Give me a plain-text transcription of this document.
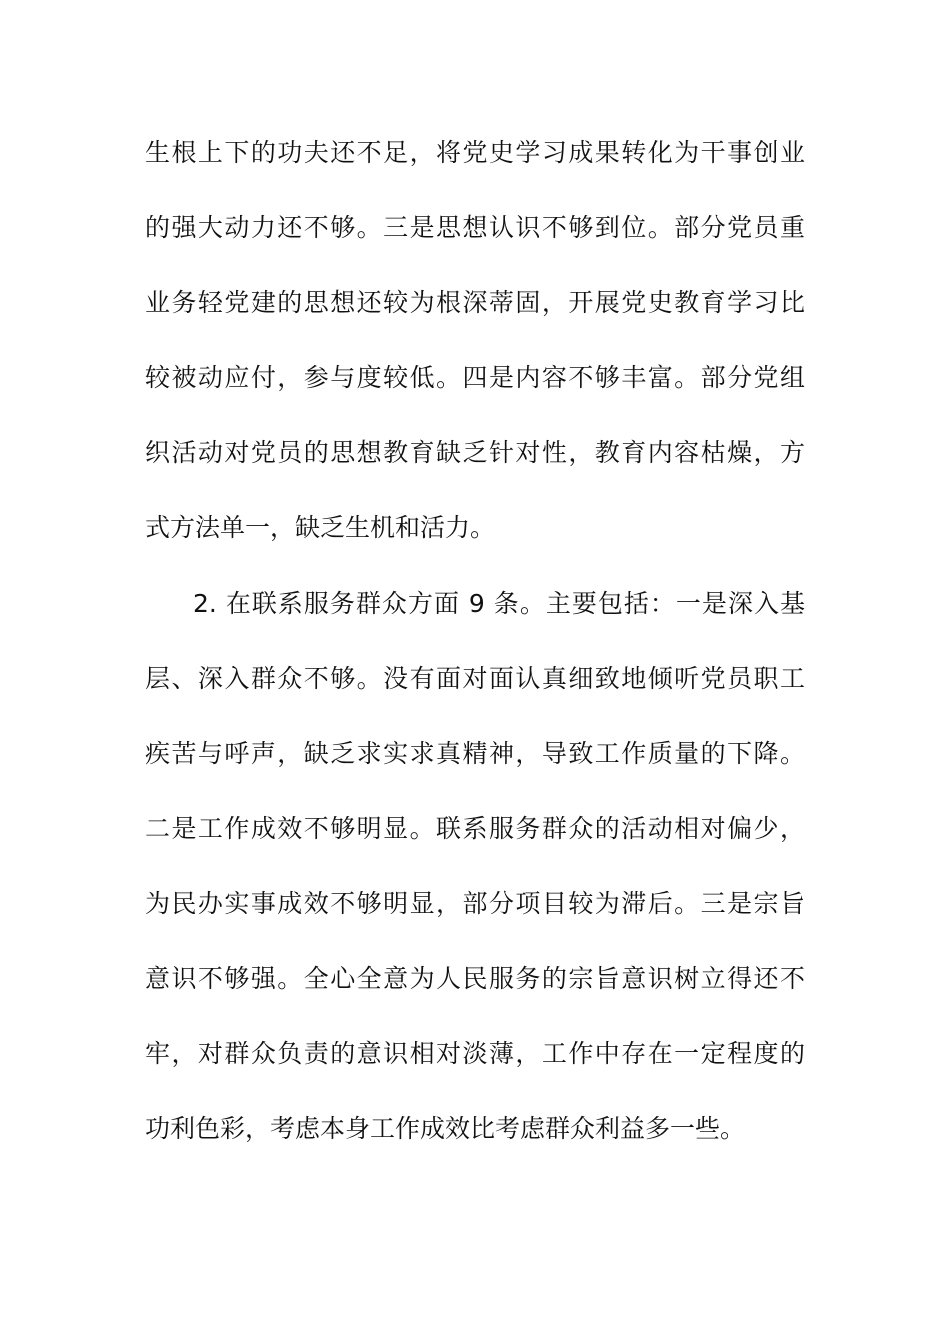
生根上下的功夫还不足，将党史学习成果转化为干事创业
的强大动力还不够。三是思想认识不够到位。部分党员重
业务轻党建的思想还较为根深蒂固，开展党史教育学习比
较被动应付，参与度较低。四是内容不够丰富。部分党组
织活动对党员的思想教育缺乏针对性，教育内容枯燥，方
式方法单一，缺乏生机和活力。
2. 在联系服务群众方面 9 条。主要包括：一是深入基
层、深入群众不够。没有面对面认真细致地倾听党员职工
疾苦与呼声，缺乏求实求真精神，导致工作质量的下降。
二是工作成效不够明显。联系服务群众的活动相对偏少，
为民办实事成效不够明显，部分项目较为滞后。三是宗旨
意识不够强。全心全意为人民服务的宗旨意识树立得还不
牢，对群众负责的意识相对淡薄，工作中存在一定程度的
功利色彩，考虑本身工作成效比考虑群众利益多一些。
